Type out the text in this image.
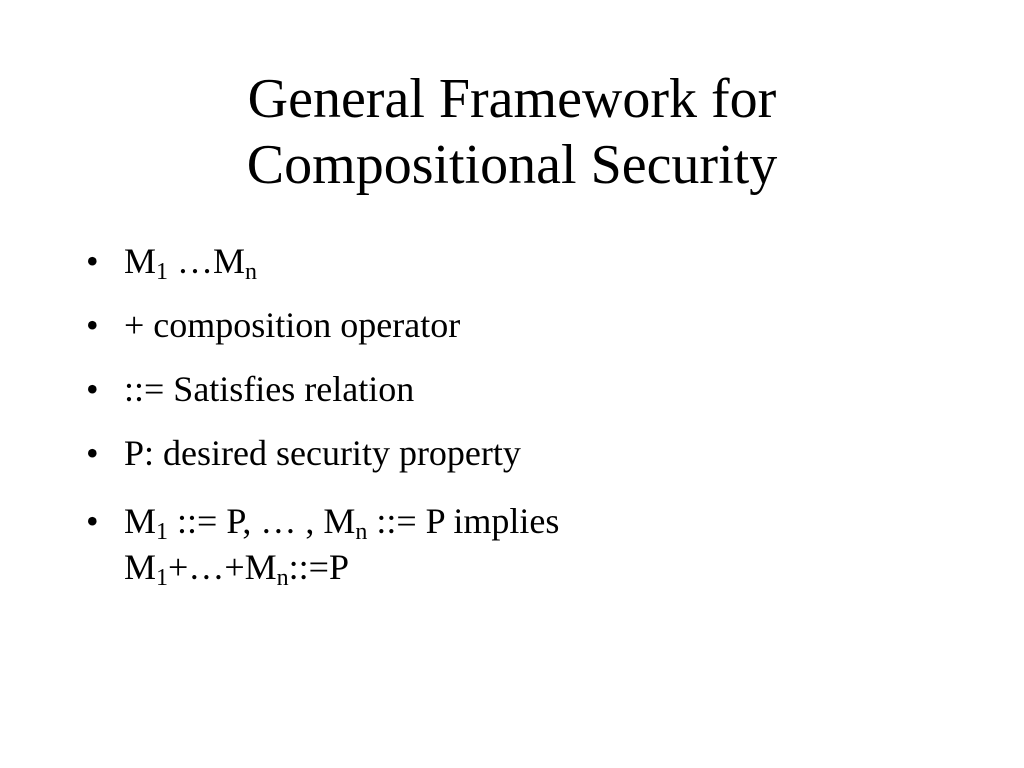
General Framework for
Compositional Security
• $M_1$ $\dots M_n$
• + composition operator
• ::= Satisfies relation
• P: desired security property
• $M_1$ ::= P, … , $M_n$ ::= P implies
$M_1+\dots+M_n::=P$
